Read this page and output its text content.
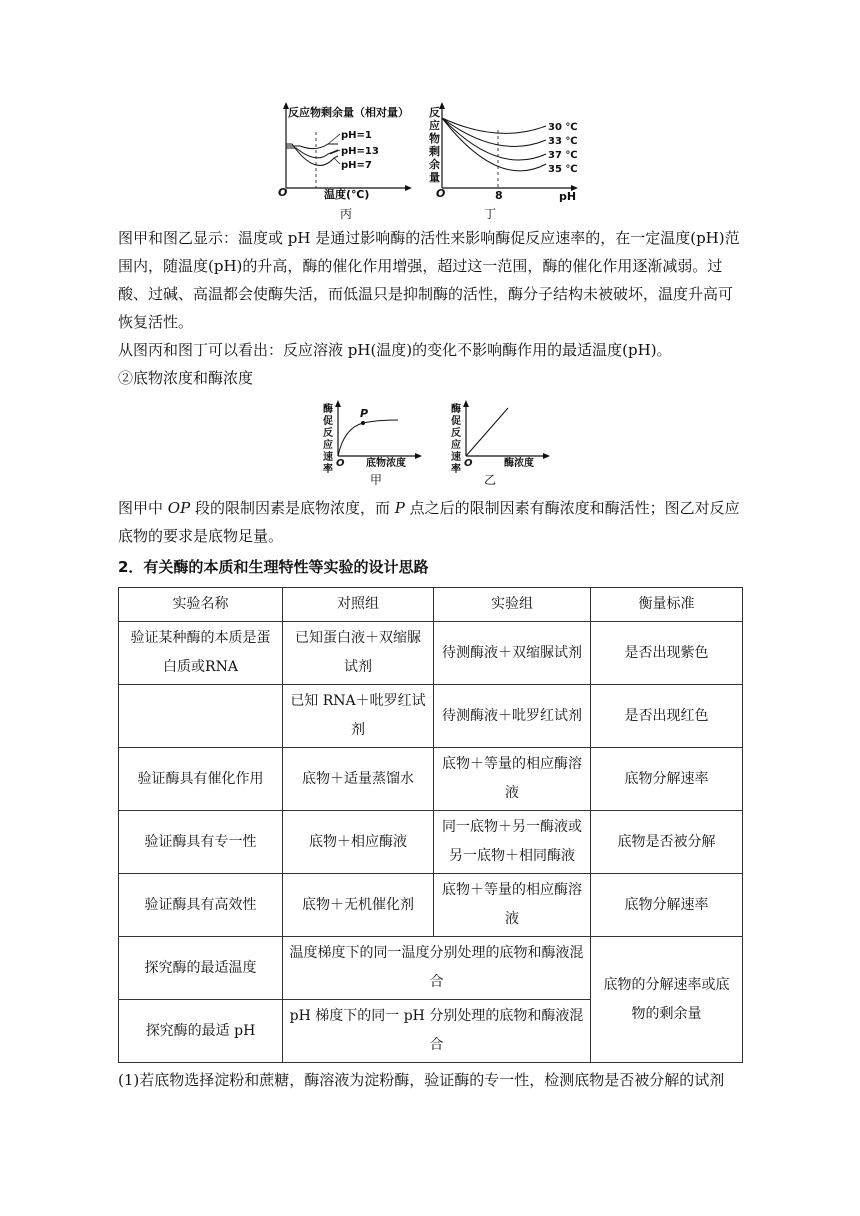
反应物剩余量（相对量）
pH=1
pH=13
pH=7
O	温度(℃)
丙
反
应
物
剩
余
量
30 ℃
33 ℃
37 ℃
35 ℃
O	8	pH
丁

图甲和图乙显示：温度或 pH 是通过影响酶的活性来影响酶促反应速率的，在一定温度(pH)范围内，随温度(pH)的升高，酶的催化作用增强，超过这一范围，酶的催化作用逐渐减弱。过酸、过碱、高温都会使酶失活，而低温只是抑制酶的活性，酶分子结构未被破坏，温度升高可恢复活性。

从图丙和图丁可以看出：反应溶液 pH(温度)的变化不影响酶作用的最适温度(pH)。

②底物浓度和酶浓度

酶
促
反
应
速
率
P
O 底物浓度
甲
酶
促
反
应
速
率
O	酶浓度
乙

图甲中 OP 段的限制因素是底物浓度，而 P 点之后的限制因素有酶浓度和酶活性；图乙对反应底物的要求是底物足量。

2．有关酶的本质和生理特性等实验的设计思路

实验名称	对照组	实验组	衡量标准
验证某种酶的本质是蛋白质或RNA	已知蛋白液＋双缩脲试剂	待测酶液＋双缩脲试剂	是否出现紫色
	已知 RNA＋吡罗红试剂	待测酶液＋吡罗红试剂	是否出现红色
验证酶具有催化作用	底物＋适量蒸馏水	底物＋等量的相应酶溶液	底物分解速率
验证酶具有专一性	底物＋相应酶液	同一底物＋另一酶液或另一底物＋相同酶液	底物是否被分解
验证酶具有高效性	底物＋无机催化剂	底物＋等量的相应酶溶液	底物分解速率
探究酶的最适温度	温度梯度下的同一温度分别处理的底物和酶液混合		底物的分解速率或底物的剩余量
探究酶的最适 pH	pH 梯度下的同一 pH 分别处理的底物和酶液混合		

(1)若底物选择淀粉和蔗糖，酶溶液为淀粉酶，验证酶的专一性，检测底物是否被分解的试剂
